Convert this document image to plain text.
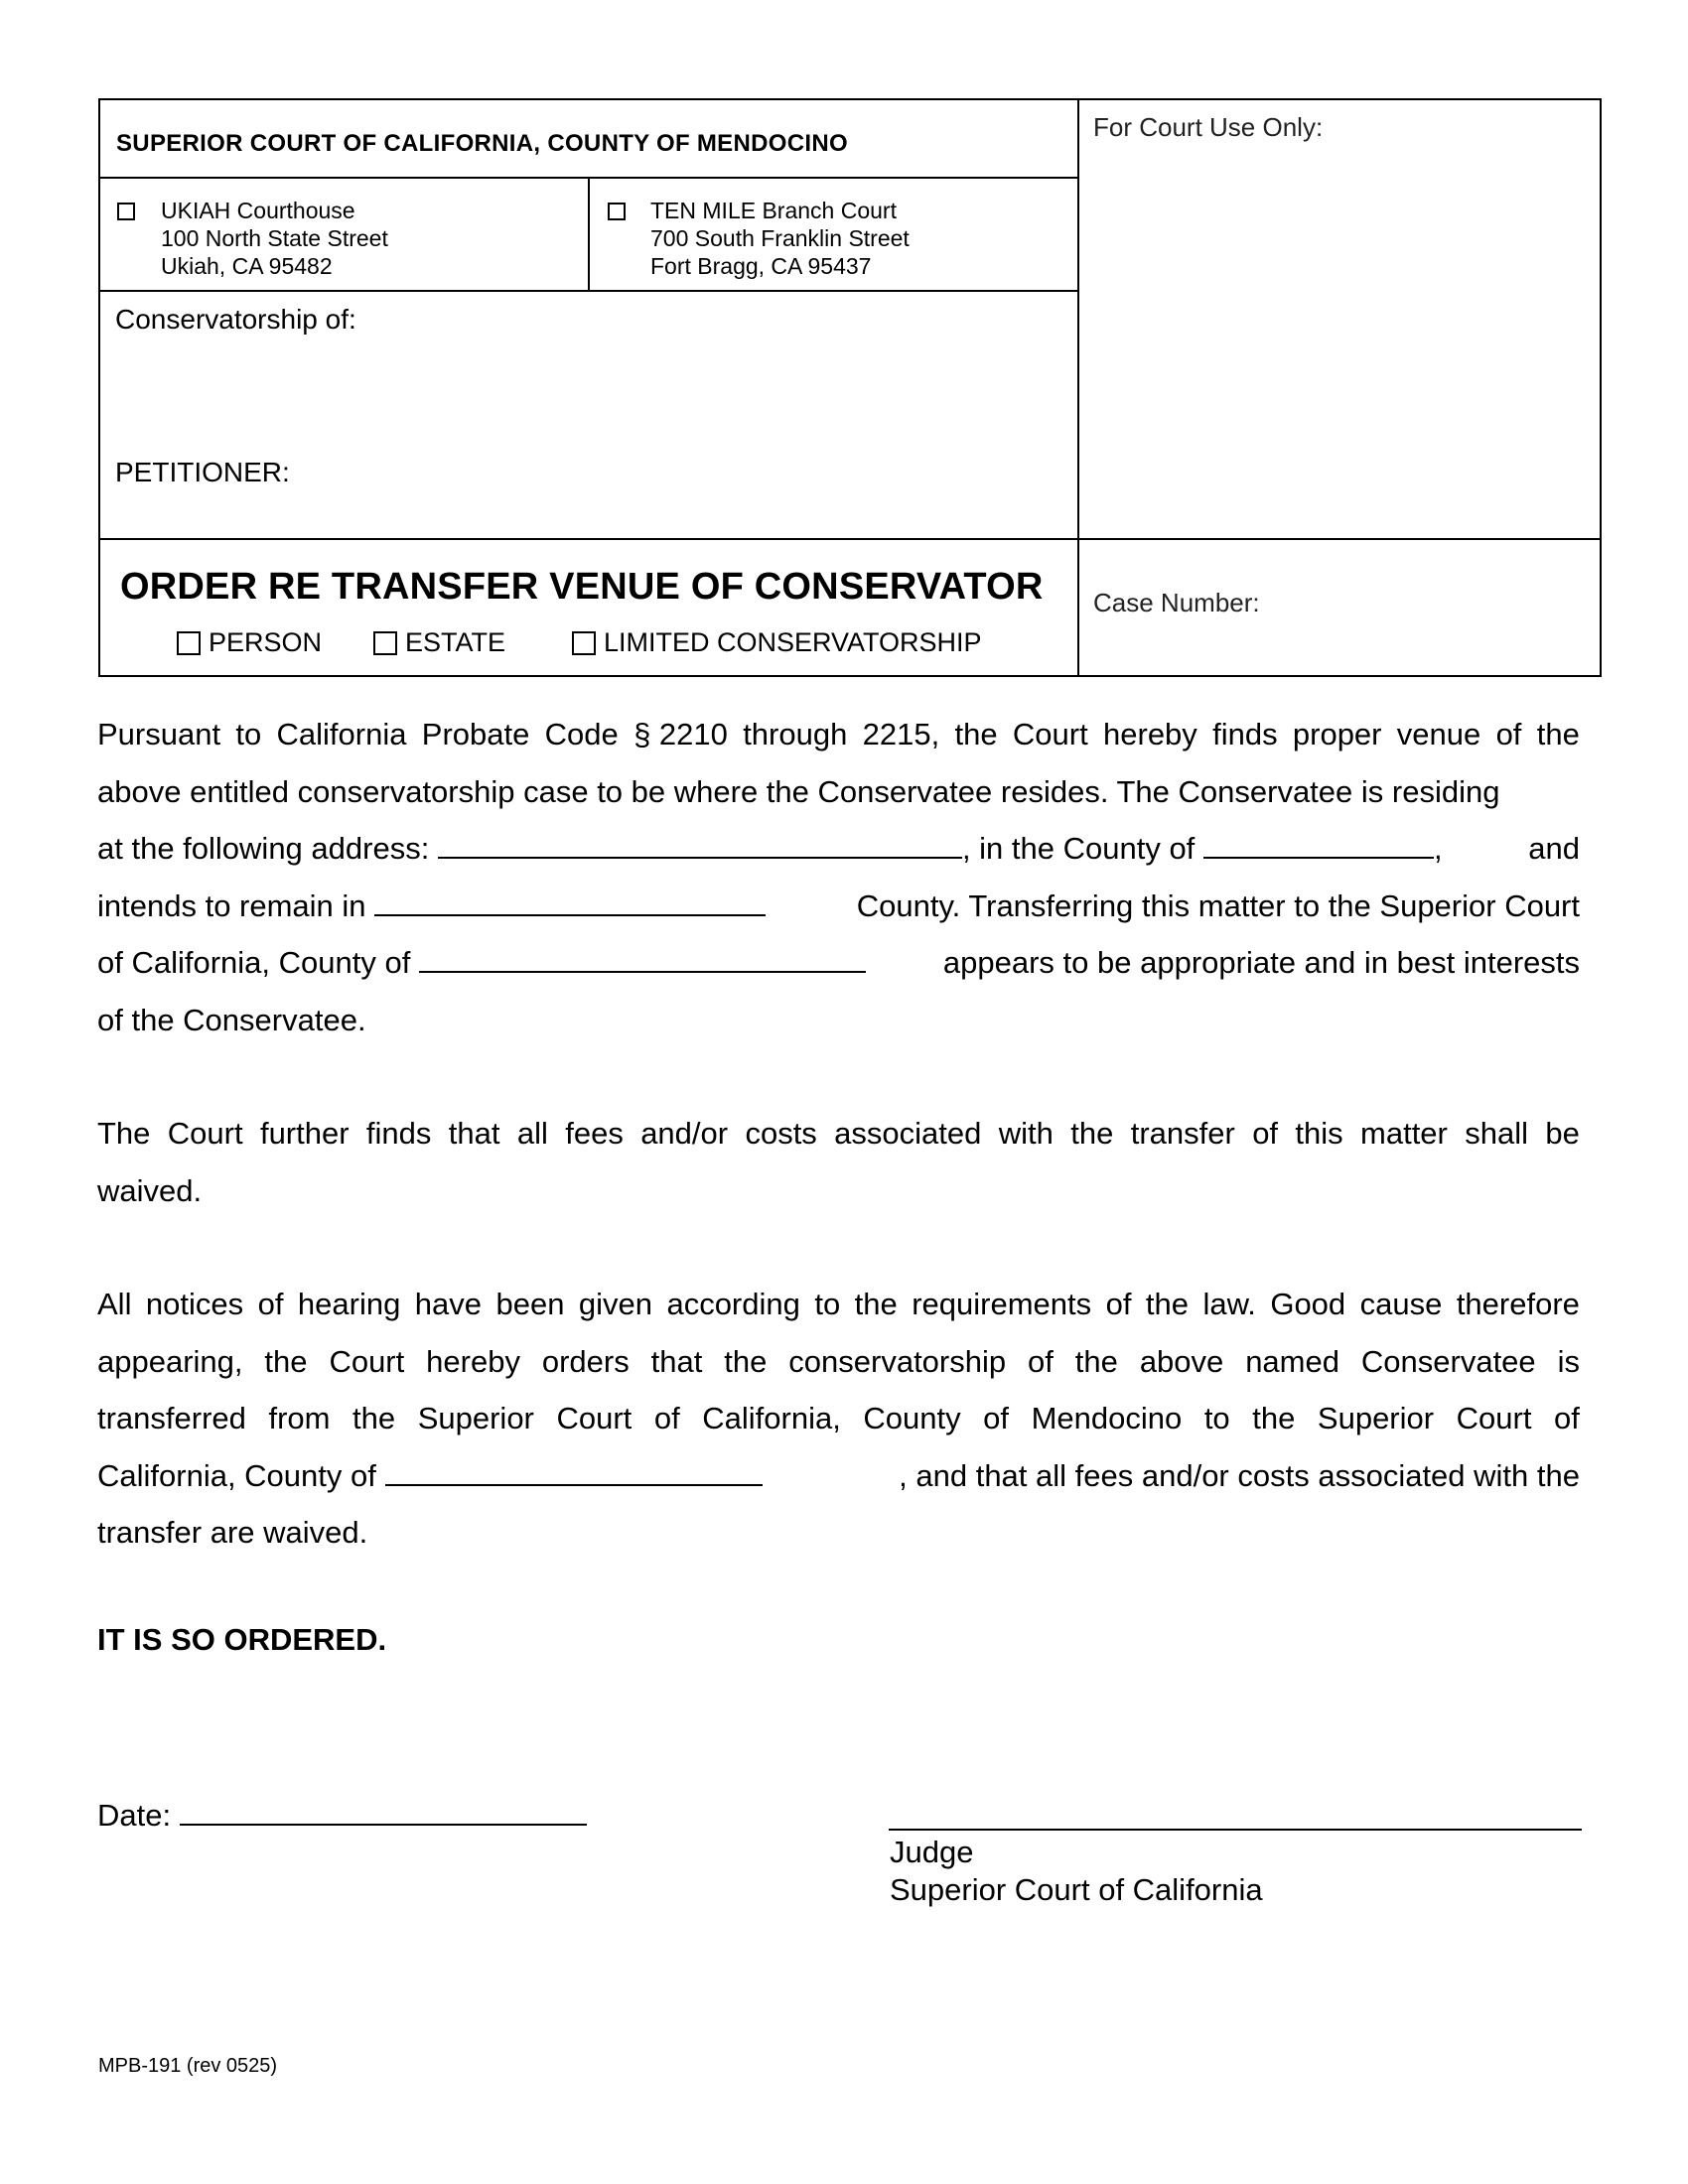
SUPERIOR COURT OF CALIFORNIA, COUNTY OF MENDOCINO
For Court Use Only:
UKIAH Courthouse
100 North State Street
Ukiah, CA 95482
TEN MILE Branch Court
700 South Franklin Street
Fort Bragg, CA 95437
Conservatorship of:
PETITIONER:
ORDER RE TRANSFER VENUE OF CONSERVATOR Case Number:
PERSON	ESTATE	LIMITED CONSERVATORSHIP
Pursuant to California Probate Code § 2210 through 2215, the Court hereby finds proper venue of the
above entitled conservatorship case to be where the Conservatee resides. The Conservatee is residing
at the following address:
	, in the County of
	,	and
intends to remain in
	County. Transferring this matter to the Superior Court
of California, County of
	appears to be appropriate and in best interests
of the Conservatee.
The Court further finds that all fees and/or costs associated with the transfer of this matter shall be
waived.
All notices of hearing have been given according to the requirements of the law. Good cause therefore
appearing, the Court hereby orders that the conservatorship of the above named Conservatee is
transferred from the Superior Court of California, County of Mendocino to the Superior Court of
California, County of
	, and that all fees and/or costs associated with the
transfer are waived.
IT IS SO ORDERED.
Date:

Judge
Superior Court of California
MPB-191 (rev 0525)
